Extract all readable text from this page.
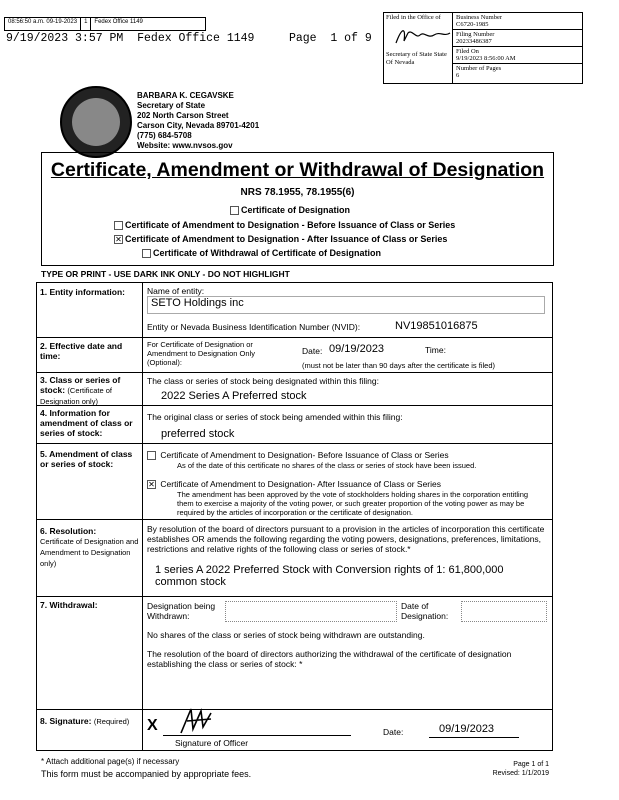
08:56:50 a.m. 09-19-2023	1	Fedex Office 1149
9/19/2023 3:57 PM  Fedex Office 1149     Page  1 of 9
Filed in the Office of
Secretary of State State Of Nevada
Business Number
C6720-1985
Filing Number
20233486387
Filed On
9/19/2023 8:56:00 AM
Number of Pages
6
BARBARA K. CEGAVSKE
Secretary of State
202 North Carson Street
Carson City, Nevada 89701-4201
(775) 684-5708
Website: www.nvsos.gov
Certificate, Amendment or Withdrawal of Designation
NRS 78.1955, 78.1955(6)
Certificate of Designation
Certificate of Amendment to Designation - Before Issuance of Class or Series
✕ Certificate of Amendment to Designation - After Issuance of Class or Series
Certificate of Withdrawal of Certificate of Designation
TYPE OR PRINT - USE DARK INK ONLY - DO NOT HIGHLIGHT
1. Entity information:	Name of entity:
SETO Holdings inc
Entity or Nevada Business Identification Number (NVID):	NV19851016875
2. Effective date and time:
For Certificate of Designation or Amendment to Designation Only (Optional):
Date: 09/19/2023	Time:
(must not be later than 90 days after the certificate is filed)
3. Class or series of stock: (Certificate of Designation only)
The class or series of stock being designated within this filing:
2022 Series A Preferred stock
4. Information for amendment of class or series of stock:
The original class or series of stock being amended within this filing:
preferred stock
5. Amendment of class or series of stock:
Certificate of Amendment to Designation- Before Issuance of Class or Series
As of the date of this certificate no shares of the class or series of stock have been issued.
✕ Certificate of Amendment to Designation- After Issuance of Class or Series
The amendment has been approved by the vote of stockholders holding shares in the corporation entitling them to exercise a majority of the voting power, or such greater proportion of the voting power as may be required by the articles of incorporation or the certificate of designation.
6. Resolution:
Certificate of Designation and Amendment to Designation only)
By resolution of the board of directors pursuant to a provision in the articles of incorporation this certificate establishes OR amends the following regarding the voting powers, designations, preferences, limitations, restrictions and relative rights of the following class or series of stock.*
1 series A 2022 Preferred Stock with Conversion rights of 1: 61,800,000 common stock
7. Withdrawal:	Designation being Withdrawn:
Date of Designation:
No shares of the class or series of stock being withdrawn are outstanding.
The resolution of the board of directors authorizing the withdrawal of the certificate of designation establishing the class or series of stock: *
8. Signature: (Required) X
Signature of Officer
Date:	09/19/2023
* Attach additional page(s) if necessary
This form must be accompanied by appropriate fees.
Page 1 of 1
Revised: 1/1/2019
